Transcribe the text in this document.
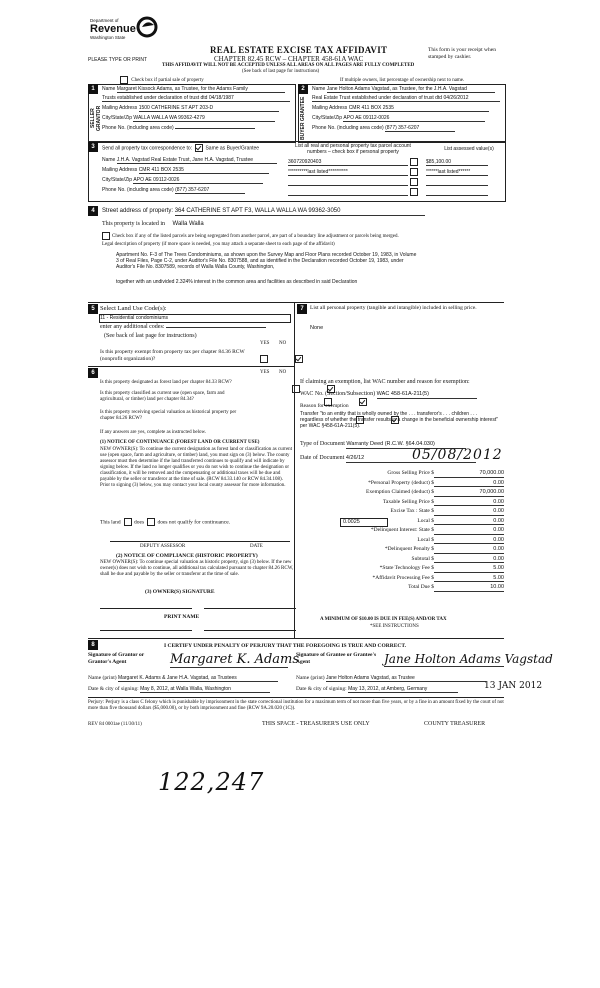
Department of
Revenue
Washington State
PLEASE TYPE OR PRINT
REAL ESTATE EXCISE TAX AFFIDAVIT
CHAPTER 82.45 RCW – CHAPTER 458-61A WAC
THIS AFFIDAVIT WILL NOT BE ACCEPTED UNLESS ALL AREAS ON ALL PAGES ARE FULLY COMPLETED
(See back of last page for instructions)
This form is your receipt when stamped by cashier.
Check box if partial sale of property	If multiple owners, list percentage of ownership next to name.
1
SELLER GRANTOR
Name Margaret Kissock Adams, as Trustee, for the Adams Family
Trusts established under declaration of trust dtd 04/18/1987
Mailing Address 1500 CATHERINE ST APT 203-D
City/State/Zip WALLA WALLA WA 99362-4279
Phone No. (including area code)
2
BUYER GRANTEE
Name Jane Holton Adams Vagstad, as Trustee, for the J.H.A. Vagstad
Real Estate Trust established under declaration of trust dtd 04/26/2012
Mailing Address CMR 411 BOX 2535
City/State/Zip APO AE 09112-0026
Phone No. (including area code) (877) 357-6207
3	Send all property tax correspondence to:	Same as Buyer/Grantee
Name J.H.A. Vagstad Real Estate Trust, Jane H.A. Vagstad, Trustee
Mailing Address CMR 411 BOX 2535
City/State/Zip APO AE 09112-0026
Phone No. (including area code) (877) 357-6207
List all real and personal property tax parcel account numbers – check box if personal property	List assessed value(s)
360720920403	$85,100.00
**********last listed**********	******last listed******
4	Street address of property: 364 CATHERINE ST APT F3, WALLA WALLA WA 99362-3050
This property is located in Walla Walla
Check box if any of the listed parcels are being segregated from another parcel, are part of a boundary line adjustment or parcels being merged.
Legal description of property (if more space is needed, you may attach a separate sheet to each page of the affidavit)
Apartment No. F-3 of The Trees Condominiums, as shown upon the Survey Map and Floor Plans recorded October 19, 1983, in Volume
3 of Real Files, Page C-2, under Auditor's File No. 8307588, and as identified in the Declaration recorded October 19, 1983, under
Auditor's File No. 8307589, records of Walla Walla County, Washington,
together with an undivided 2.324% interest in the common area and facilities as described in said Declaration
5 Select Land Use Code(s):
11 - Residential condominiums
enter any additional codes:
(See back of last page for instructions)
YES NO
Is this property exempt from property tax per chapter 84.36 RCW (nonprofit organization)?

6	YES NO
Is this property designated as forest land per chapter 84.33 RCW?

Is this property classified as current use (open space, farm and agricultural, or timber) land per chapter 84.34?

Is this property receiving special valuation as historical property per chapter 84.26 RCW?

If any answers are yes, complete as instructed below.
(1) NOTICE OF CONTINUANCE (FOREST LAND OR CURRENT USE)
NEW OWNER(S): To continue the current designation as forest land or classification as current use (open space, farm and agriculture, or timber) land, you must sign on (3) below. The county assessor must then determine if the land transferred continues to qualify and will indicate by signing below. If the land no longer qualifies or you do not wish to continue the designation or classification, it will be removed and the compensating or additional taxes will be due and payable by the seller or transferor at the time of sale. (RCW 84.33.140 or RCW 84.34.108). Prior to signing (3) below, you may contact your local county assessor for more information.
This land does does not qualify for continuance.
DEPUTY ASSESSOR	DATE
(2) NOTICE OF COMPLIANCE (HISTORIC PROPERTY)
NEW OWNER(S): To continue special valuation as historic property, sign (3) below. If the new owner(s) does not wish to continue, all additional tax calculated pursuant to chapter 84.26 RCW, shall be due and payable by the seller or transferor at the time of sale.
(3) OWNER(S) SIGNATURE
PRINT NAME
7	List all personal property (tangible and intangible) included in selling price.
None
If claiming an exemption, list WAC number and reason for exemption:
WAC No. (Section/Subsection) WAC 458-61A-211(5)
Reason for exemption
Transfer "to an entity that is wholly owned by the . . . transferor's . . . children . . . regardless of whether the transfer results in a change in the beneficial ownership interest" per WAC §458-61A-211(5).
Type of Document Warranty Deed (R.C.W. §64.04.030)
Date of Document 4/26/12	05/08/2012
Gross Selling Price $	70,000.00
*Personal Property (deduct) $	0.00
Exemption Claimed (deduct) $	70,000.00
Taxable Selling Price $	0.00
Excise Tax : State $	0.00
0.0025	Local $	0.00
*Delinquent Interest: State $	0.00
Local $	0.00
*Delinquent Penalty $	0.00
Subtotal $	0.00
*State Technology Fee $	5.00
*Affidavit Processing Fee $	5.00
Total Due $	10.00
A MINIMUM OF $10.00 IS DUE IN FEE(S) AND/OR TAX
*SEE INSTRUCTIONS
8	I CERTIFY UNDER PENALTY OF PERJURY THAT THE FOREGOING IS TRUE AND CORRECT.
Signature of Grantor or Grantor's Agent	Margaret K. Adams
Name (print) Margaret K. Adams & Jane H.A. Vagstad, as Trustees
Date & city of signing: May 8, 2012, at Walla Walla, Washington
Signature of Grantee or Grantee's Agent	Jane Holton Adams Vagstad
Name (print) Jane Holton Adams Vagstad, as Trustee
Date & city of signing: May 13, 2012, at Amberg, Germany	13 JAN 2012
Perjury: Perjury is a class C felony which is punishable by imprisonment in the state correctional institution for a maximum term of not more than five years, or by a fine in an amount fixed by the court of not more than five thousand dollars ($5,000.00), or by both imprisonment and fine (RCW 9A.20.020 (1C)).
REV 84 0001ae (11/30/11)	THIS SPACE - TREASURER'S USE ONLY	COUNTY TREASURER
122,247
